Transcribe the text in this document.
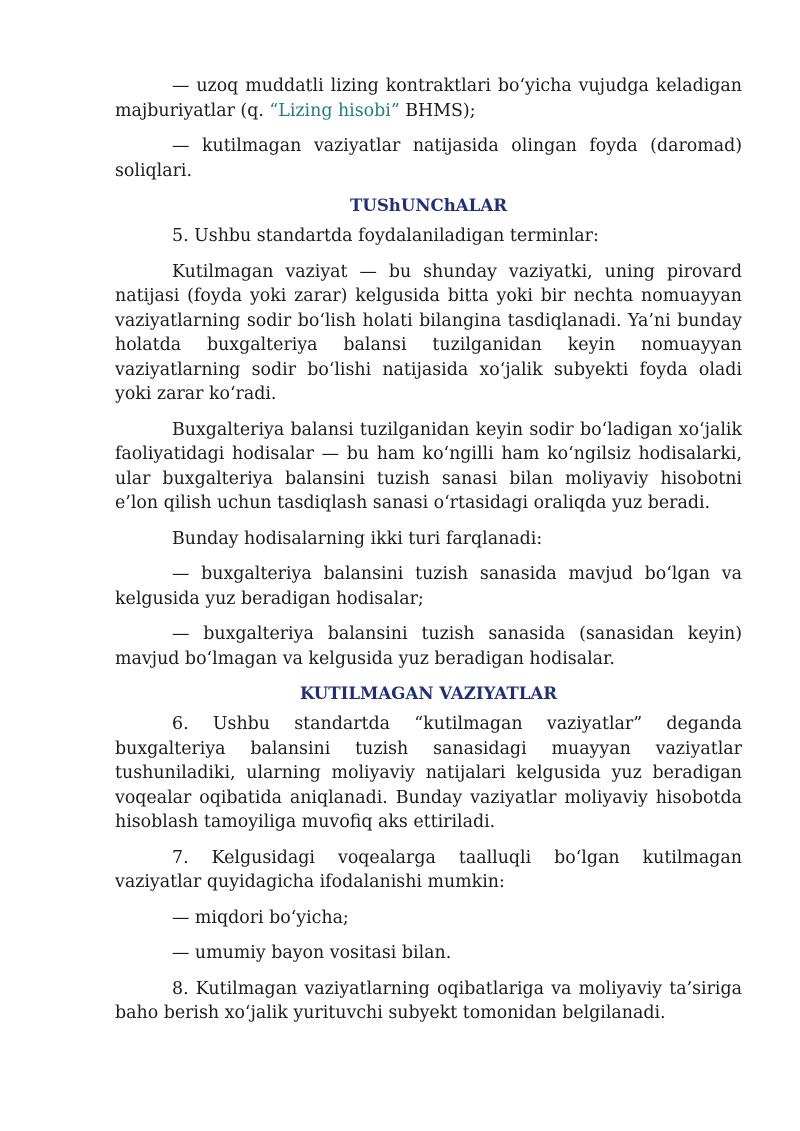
— uzoq muddatli lizing kontraktlari bo‘yicha vujudga keladigan majburiyatlar (q. “Lizing hisobi” BHMS);

— kutilmagan vaziyatlar natijasida olingan foyda (daromad) soliqlari.

TUShUNChALAR

5. Ushbu standartda foydalaniladigan terminlar:

Kutilmagan vaziyat — bu shunday vaziyatki, uning pirovard natijasi (foyda yoki zarar) kelgusida bitta yoki bir nechta nomuayyan vaziyatlarning sodir bo‘lish holati bilangina tasdiqlanadi. Ya’ni bunday holatda buxgalteriya balansi tuzilganidan keyin nomuayyan vaziyatlarning sodir bo‘lishi natijasida xo‘jalik subyekti foyda oladi yoki zarar ko‘radi.

Buxgalteriya balansi tuzilganidan keyin sodir bo‘ladigan xo‘jalik faoliyatidagi hodisalar — bu ham ko‘ngilli ham ko‘ngilsiz hodisalarki, ular buxgalteriya balansini tuzish sanasi bilan moliyaviy hisobotni e’lon qilish uchun tasdiqlash sanasi o‘rtasidagi oraliqda yuz beradi.

Bunday hodisalarning ikki turi farqlanadi:

— buxgalteriya balansini tuzish sanasida mavjud bo‘lgan va kelgusida yuz beradigan hodisalar;

— buxgalteriya balansini tuzish sanasida (sanasidan keyin) mavjud bo‘lmagan va kelgusida yuz beradigan hodisalar.

KUTILMAGAN VAZIYATLAR

6. Ushbu standartda “kutilmagan vaziyatlar” deganda buxgalteriya balansini tuzish sanasidagi muayyan vaziyatlar tushuniladiki, ularning moliyaviy natijalari kelgusida yuz beradigan voqealar oqibatida aniqlanadi. Bunday vaziyatlar moliyaviy hisobotda hisoblash tamoyiliga muvofiq aks ettiriladi.

7. Kelgusidagi voqealarga taalluqli bo‘lgan kutilmagan vaziyatlar quyidagicha ifodalanishi mumkin:

— miqdori bo‘yicha;

— umumiy bayon vositasi bilan.

8. Kutilmagan vaziyatlarning oqibatlariga va moliyaviy ta’siriga baho berish xo‘jalik yurituvchi subyekt tomonidan belgilanadi.
